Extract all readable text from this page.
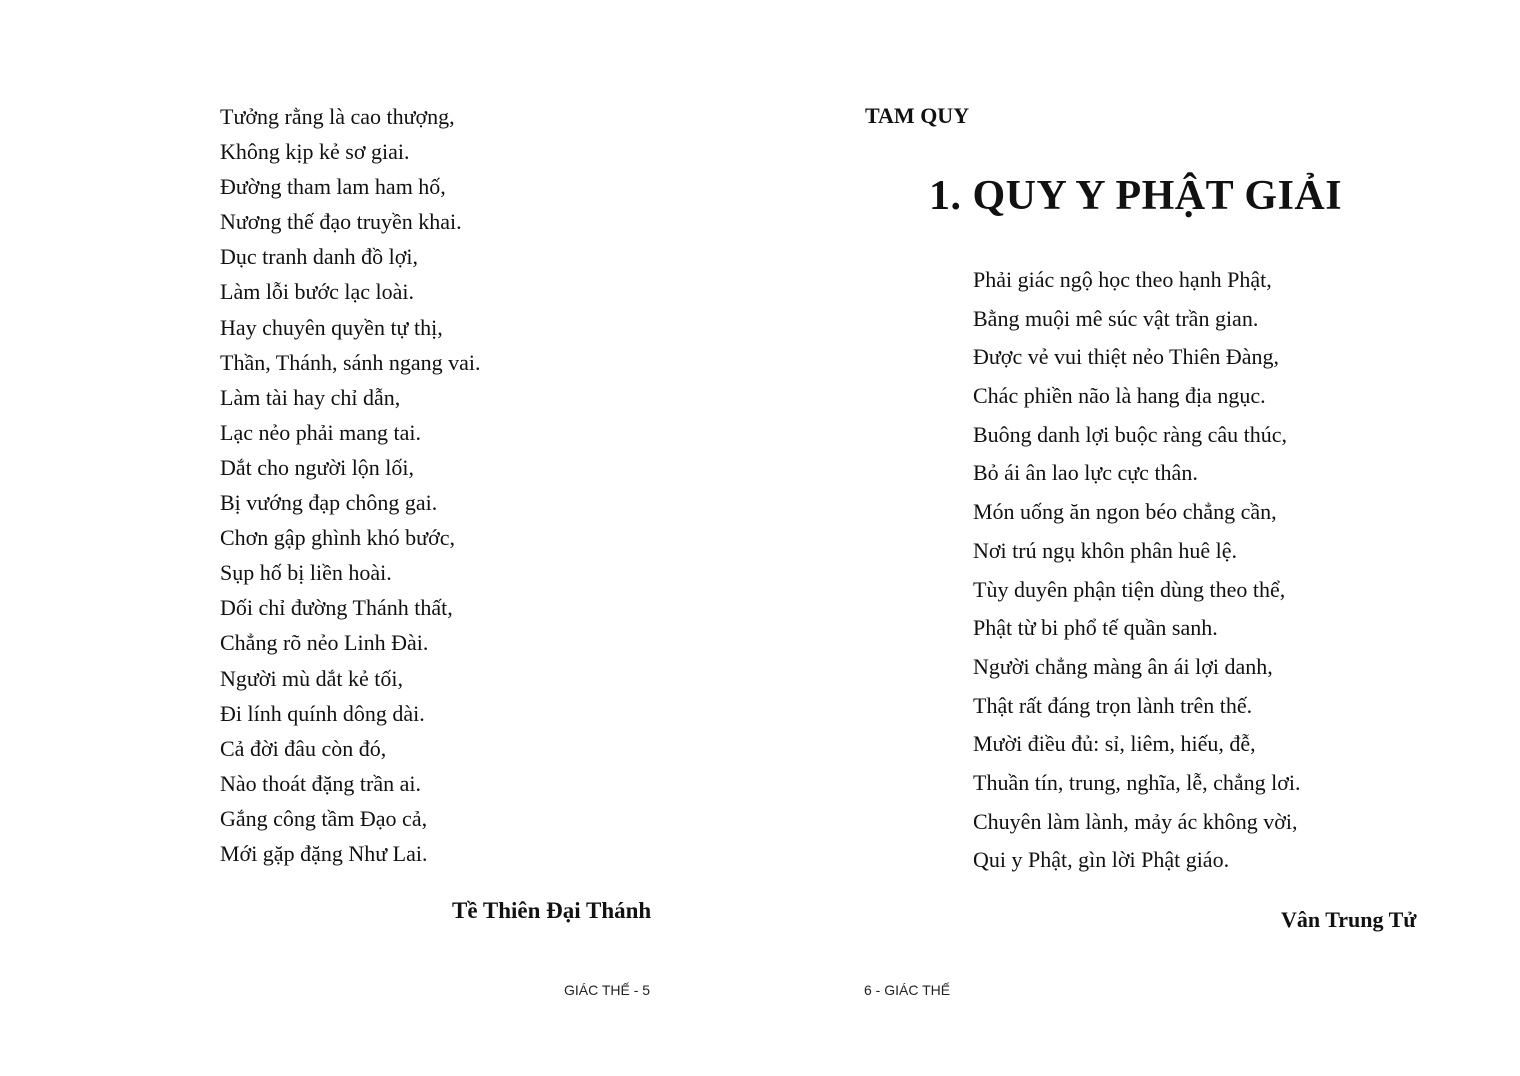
Tưởng rằng là cao thượng,
Không kịp kẻ sơ giai.
Đường tham lam ham hố,
Nương thế đạo truyền khai.
Dục tranh danh đồ lợi,
Làm lỗi bước lạc loài.
Hay chuyên quyền tự thị,
Thần, Thánh, sánh ngang vai.
Làm tài hay chỉ dẫn,
Lạc nẻo phải mang tai.
Dắt cho người lộn lối,
Bị vướng đạp chông gai.
Chơn gập ghình khó bước,
Sụp hố bị liền hoài.
Dối chỉ đường Thánh thất,
Chẳng rõ nẻo Linh Đài.
Người mù dắt kẻ tối,
Đi lính quính dông dài.
Cả đời đâu còn đó,
Nào thoát đặng trần ai.
Gắng công tầm Đạo cả,
Mới gặp đặng Như Lai.
Tề Thiên Đại Thánh
GIÁC THẾ - 5
TAM QUY
1. QUY Y PHẬT GIẢI
Phải giác ngộ học theo hạnh Phật,
Bằng muội mê súc vật trần gian.
Được vẻ vui thiệt nẻo Thiên Đàng,
Chác phiền não là hang địa ngục.
Buông danh lợi buộc ràng câu thúc,
Bỏ ái ân lao lực cực thân.
Món uống ăn ngon béo chẳng cần,
Nơi trú ngụ khôn phân huê lệ.
Tùy duyên phận tiện dùng theo thể,
Phật từ bi phổ tế quần sanh.
Người chẳng màng ân ái lợi danh,
Thật rất đáng trọn lành trên thế.
Mười điều đủ: sỉ, liêm, hiếu, đễ,
Thuần tín, trung, nghĩa, lễ, chẳng lơi.
Chuyên làm lành, mảy ác không vời,
Qui y Phật, gìn lời Phật giáo.
Vân Trung Tử
6 - GIÁC THẾ
